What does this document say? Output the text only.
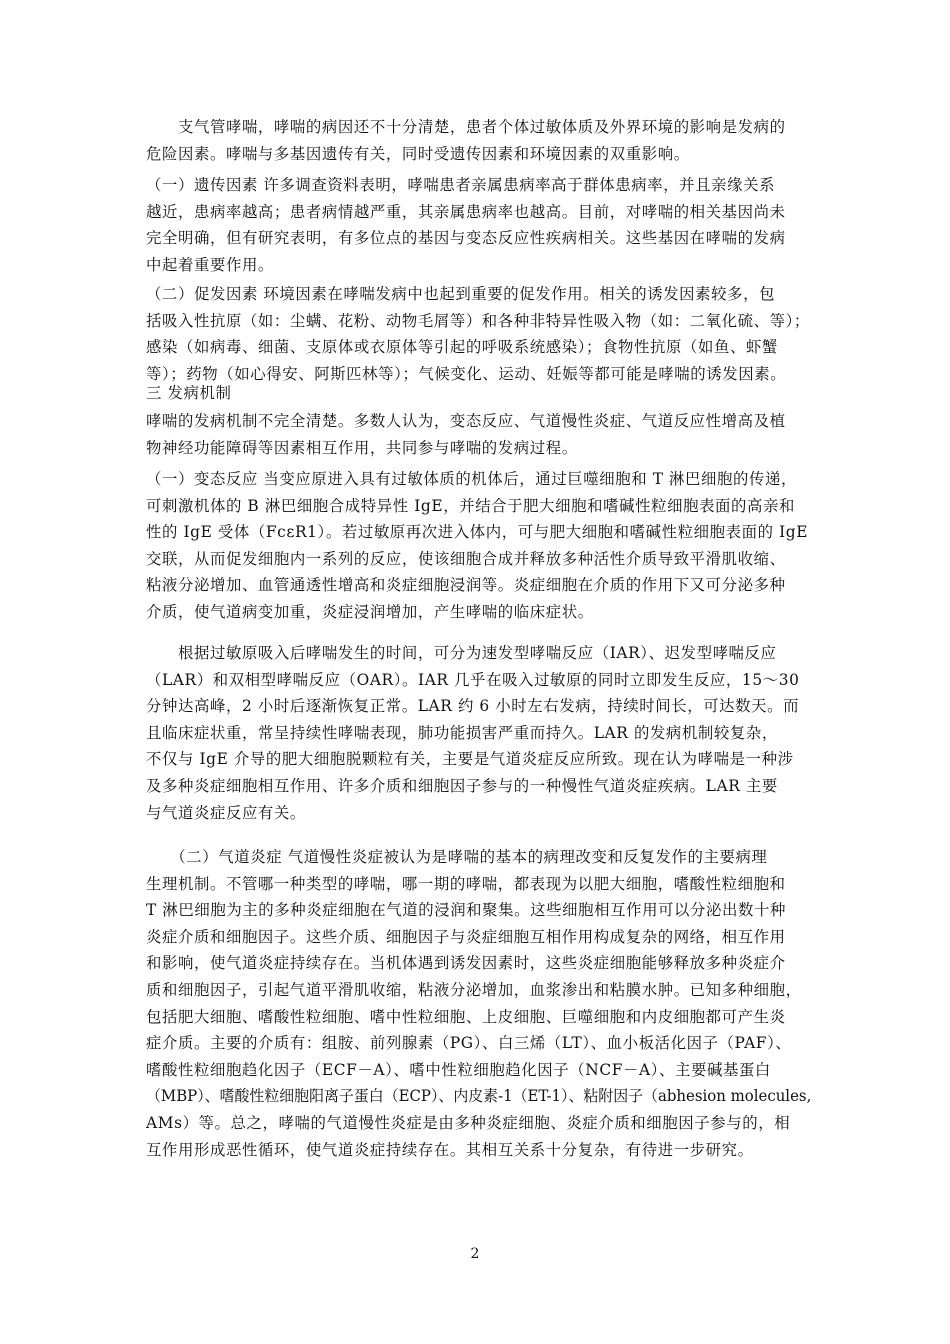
　　支气管哮喘，哮喘的病因还不十分清楚，患者个体过敏体质及外界环境的影响是发病的
危险因素。哮喘与多基因遗传有关，同时受遗传因素和环境因素的双重影响。

（一）遗传因素 许多调查资料表明，哮喘患者亲属患病率高于群体患病率，并且亲缘关系
越近，患病率越高；患者病情越严重，其亲属患病率也越高。目前，对哮喘的相关基因尚未
完全明确，但有研究表明，有多位点的基因与变态反应性疾病相关。这些基因在哮喘的发病
中起着重要作用。

（二）促发因素 环境因素在哮喘发病中也起到重要的促发作用。相关的诱发因素较多，包
括吸入性抗原（如：尘螨、花粉、动物毛屑等）和各种非特异性吸入物（如：二氧化硫、等）；
感染（如病毒、细菌、支原体或衣原体等引起的呼吸系统感染）；食物性抗原（如鱼、虾蟹
等）；药物（如心得安、阿斯匹林等）；气候变化、运动、妊娠等都可能是哮喘的诱发因素。

三 发病机制

哮喘的发病机制不完全清楚。多数人认为，变态反应、气道慢性炎症、气道反应性增高及植
物神经功能障碍等因素相互作用，共同参与哮喘的发病过程。

（一）变态反应 当变应原进入具有过敏体质的机体后，通过巨噬细胞和 T 淋巴细胞的传递，
可刺激机体的 B 淋巴细胞合成特异性 IgE，并结合于肥大细胞和嗜碱性粒细胞表面的高亲和
性的 IgE 受体（FcεR1）。若过敏原再次进入体内，可与肥大细胞和嗜碱性粒细胞表面的 IgE
交联，从而促发细胞内一系列的反应，使该细胞合成并释放多种活性介质导致平滑肌收缩、
粘液分泌增加、血管通透性增高和炎症细胞浸润等。炎症细胞在介质的作用下又可分泌多种
介质，使气道病变加重，炎症浸润增加，产生哮喘的临床症状。

　　根据过敏原吸入后哮喘发生的时间，可分为速发型哮喘反应（IAR）、迟发型哮喘反应
（LAR）和双相型哮喘反应（OAR）。IAR 几乎在吸入过敏原的同时立即发生反应，15～30
分钟达高峰，2 小时后逐渐恢复正常。LAR 约 6 小时左右发病，持续时间长，可达数天。而
且临床症状重，常呈持续性哮喘表现，肺功能损害严重而持久。LAR 的发病机制较复杂，
不仅与 IgE 介导的肥大细胞脱颗粒有关，主要是气道炎症反应所致。现在认为哮喘是一种涉
及多种炎症细胞相互作用、许多介质和细胞因子参与的一种慢性气道炎症疾病。LAR 主要
与气道炎症反应有关。

　　（二）气道炎症 气道慢性炎症被认为是哮喘的基本的病理改变和反复发作的主要病理
生理机制。不管哪一种类型的哮喘，哪一期的哮喘，都表现为以肥大细胞，嗜酸性粒细胞和
T 淋巴细胞为主的多种炎症细胞在气道的浸润和聚集。这些细胞相互作用可以分泌出数十种
炎症介质和细胞因子。这些介质、细胞因子与炎症细胞互相作用构成复杂的网络，相互作用
和影响，使气道炎症持续存在。当机体遇到诱发因素时，这些炎症细胞能够释放多种炎症介
质和细胞因子，引起气道平滑肌收缩，粘液分泌增加，血浆渗出和粘膜水肿。已知多种细胞，
包括肥大细胞、嗜酸性粒细胞、嗜中性粒细胞、上皮细胞、巨噬细胞和内皮细胞都可产生炎
症介质。主要的介质有：组胺、前列腺素（PG）、白三烯（LT）、血小板活化因子（PAF）、
嗜酸性粒细胞趋化因子（ECF－A）、嗜中性粒细胞趋化因子（NCF－A）、主要碱基蛋白
（MBP）、嗜酸性粒细胞阳离子蛋白（ECP）、内皮素-1（ET-1）、粘附因子（abhesion molecules,
AMs）等。总之，哮喘的气道慢性炎症是由多种炎症细胞、炎症介质和细胞因子参与的，相
互作用形成恶性循环，使气道炎症持续存在。其相互关系十分复杂，有待进一步研究。

2
